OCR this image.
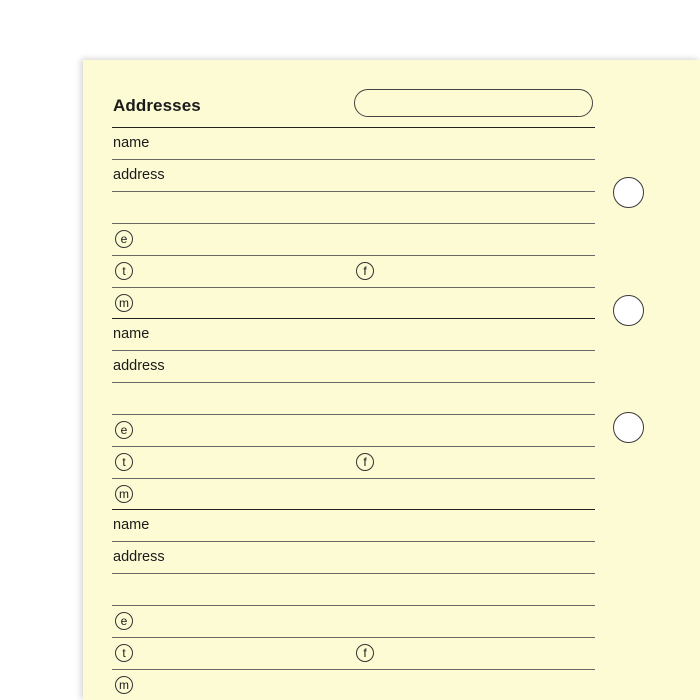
Addresses
name
address
e
t	f
m
name
address
e
t	f
m
name
address
e
t	f
m
